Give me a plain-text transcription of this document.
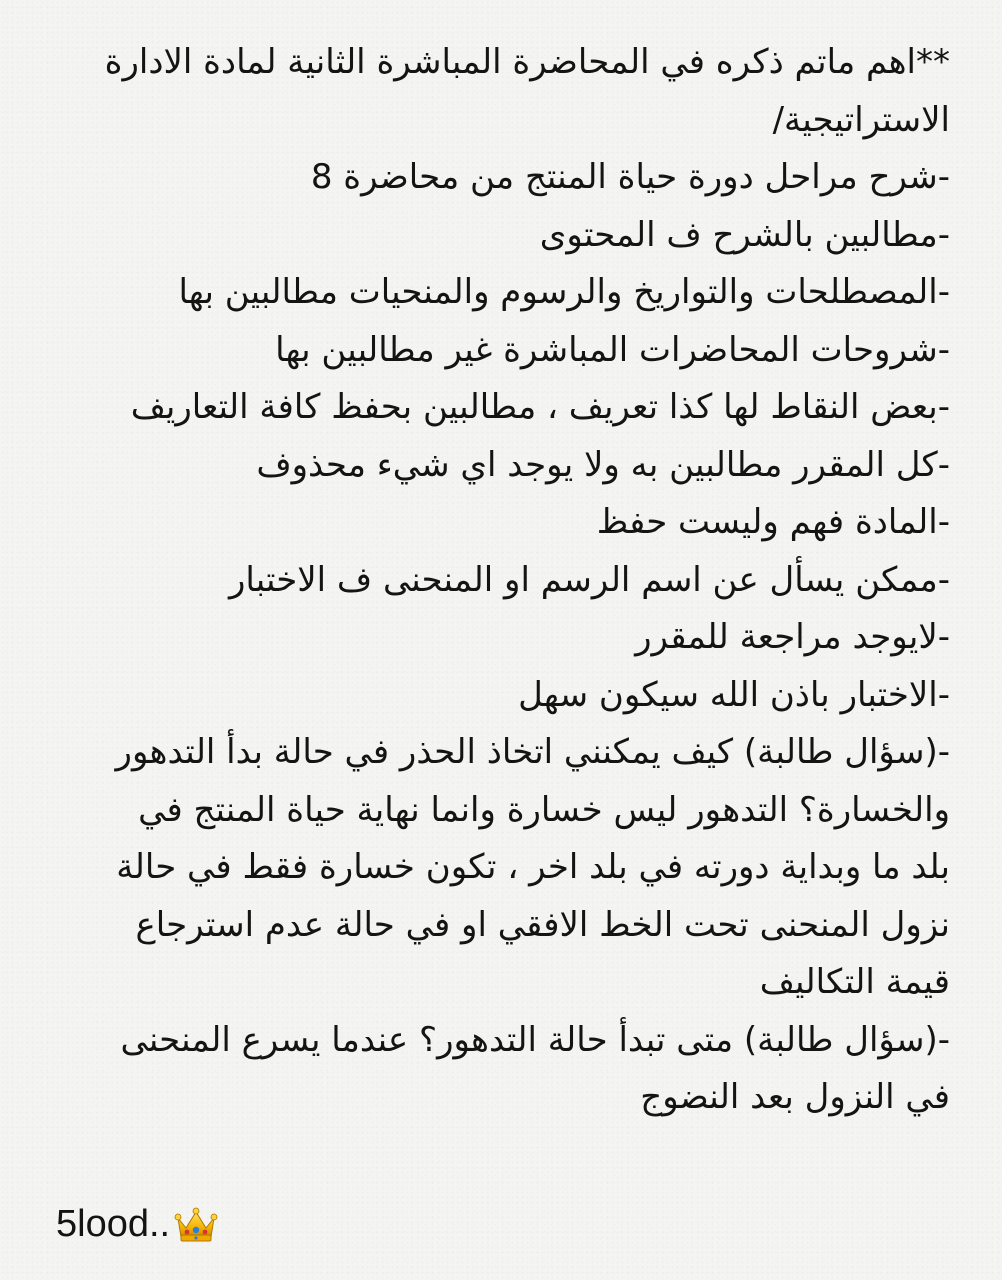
**اهم ماتم ذكره في المحاضرة المباشرة الثانية لمادة الادارة
الاستراتيجية/
-شرح مراحل دورة حياة المنتج من محاضرة 8
-مطالبين بالشرح ف المحتوى
-المصطلحات والتواريخ والرسوم والمنحيات مطالبين بها
-شروحات المحاضرات المباشرة غير مطالبين بها
-بعض النقاط لها كذا تعريف ، مطالبين بحفظ كافة التعاريف
-كل المقرر مطالبين به ولا يوجد اي شيء محذوف
-المادة فهم وليست حفظ
-ممكن يسأل عن اسم الرسم او المنحنى ف الاختبار
-لايوجد مراجعة للمقرر
-الاختبار باذن الله سيكون سهل
-(سؤال طالبة) كيف يمكنني اتخاذ الحذر في حالة بدأ التدهور
والخسارة؟ التدهور ليس خسارة وانما نهاية حياة المنتج في
بلد ما وبداية دورته في بلد اخر ، تكون خسارة فقط في حالة
نزول المنحنى تحت الخط الافقي او في حالة عدم استرجاع
قيمة التكاليف
-(سؤال طالبة) متى تبدأ حالة التدهور؟ عندما يسرع المنحنى
في النزول بعد النضوج
5lood..
